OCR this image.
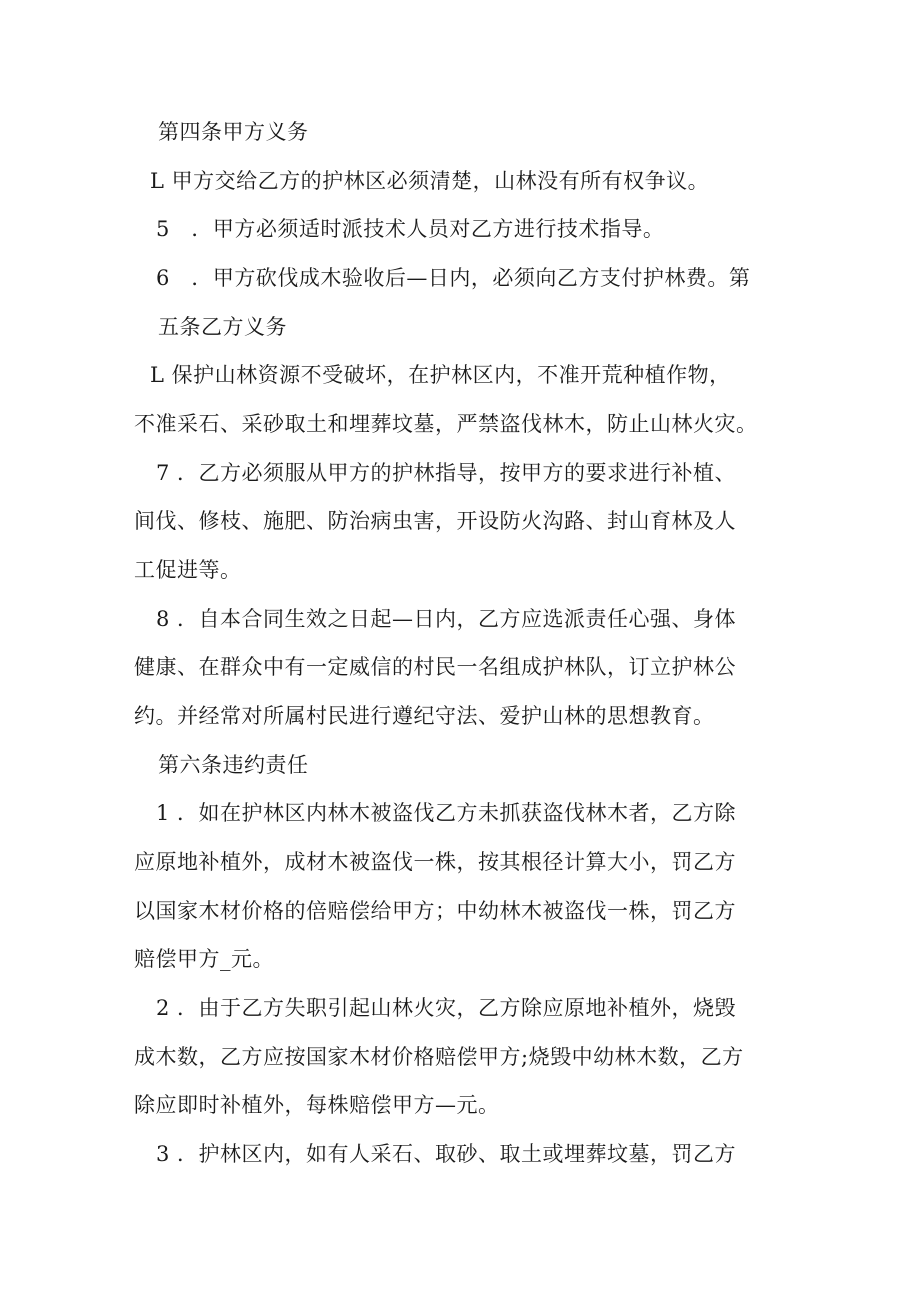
第四条甲方义务

L 甲方交给乙方的护林区必须清楚，山林没有所有权争议。

5　．甲方必须适时派技术人员对乙方进行技术指导。

6　．甲方砍伐成木验收后—日内，必须向乙方支付护林费。第

五条乙方义务

L 保护山林资源不受破坏，在护林区内，不准开荒种植作物，

不准采石、采砂取土和埋葬坟墓，严禁盗伐林木，防止山林火灾。

7 ．乙方必须服从甲方的护林指导，按甲方的要求进行补植、

间伐、修枝、施肥、防治病虫害，开设防火沟路、封山育林及人

工促进等。

8 ．自本合同生效之日起—日内，乙方应选派责任心强、身体

健康、在群众中有一定威信的村民一名组成护林队，订立护林公

约。并经常对所属村民进行遵纪守法、爱护山林的思想教育。

第六条违约责任

1 ．如在护林区内林木被盗伐乙方未抓获盗伐林木者，乙方除

应原地补植外，成材木被盗伐一株，按其根径计算大小，罚乙方

以国家木材价格的倍赔偿给甲方；中幼林木被盗伐一株，罚乙方

赔偿甲方_元。

2 ．由于乙方失职引起山林火灾，乙方除应原地补植外，烧毁

成木数，乙方应按国家木材价格赔偿甲方;烧毁中幼林木数，乙方

除应即时补植外，每株赔偿甲方—元。

3 ．护林区内，如有人采石、取砂、取土或埋葬坟墓，罚乙方
